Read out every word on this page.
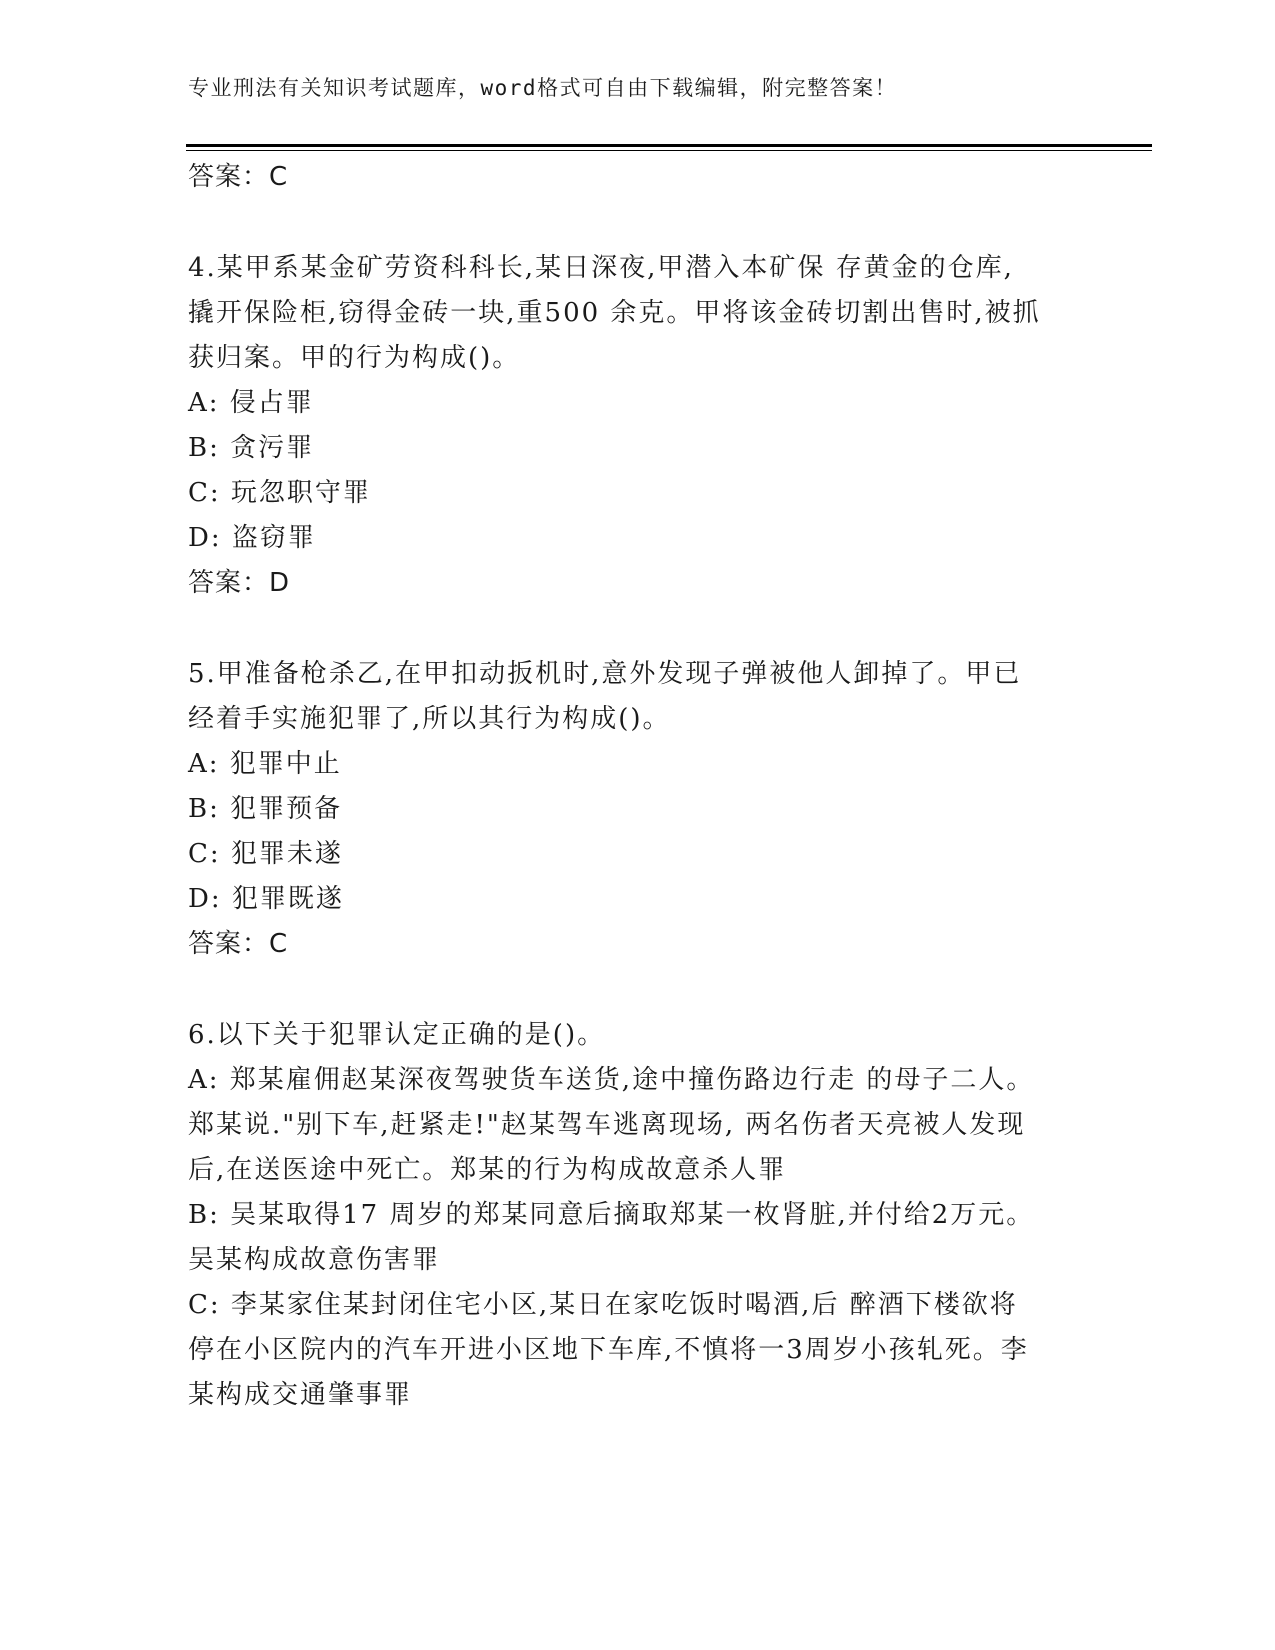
专业刑法有关知识考试题库，word格式可自由下载编辑，附完整答案！
答案：C
4.某甲系某金矿劳资科科长,某日深夜,甲潜入本矿保 存黄金的仓库,
撬开保险柜,窃得金砖一块,重500 余克。甲将该金砖切割出售时,被抓
获归案。甲的行为构成()。
A: 侵占罪
B: 贪污罪
C: 玩忽职守罪
D: 盗窃罪
答案：D
5.甲准备枪杀乙,在甲扣动扳机时,意外发现子弹被他人卸掉了。甲已
经着手实施犯罪了,所以其行为构成()。
A: 犯罪中止
B: 犯罪预备
C: 犯罪未遂
D: 犯罪既遂
答案：C
6.以下关于犯罪认定正确的是()。
A: 郑某雇佣赵某深夜驾驶货车送货,途中撞伤路边行走 的母子二人。
郑某说."别下车,赶紧走!"赵某驾车逃离现场, 两名伤者天亮被人发现
后,在送医途中死亡。郑某的行为构成故意杀人罪
B: 吴某取得17 周岁的郑某同意后摘取郑某一枚肾脏,并付给2万元。
吴某构成故意伤害罪
C: 李某家住某封闭住宅小区,某日在家吃饭时喝酒,后 醉酒下楼欲将
停在小区院内的汽车开进小区地下车库,不慎将一3周岁小孩轧死。李
某构成交通肇事罪
